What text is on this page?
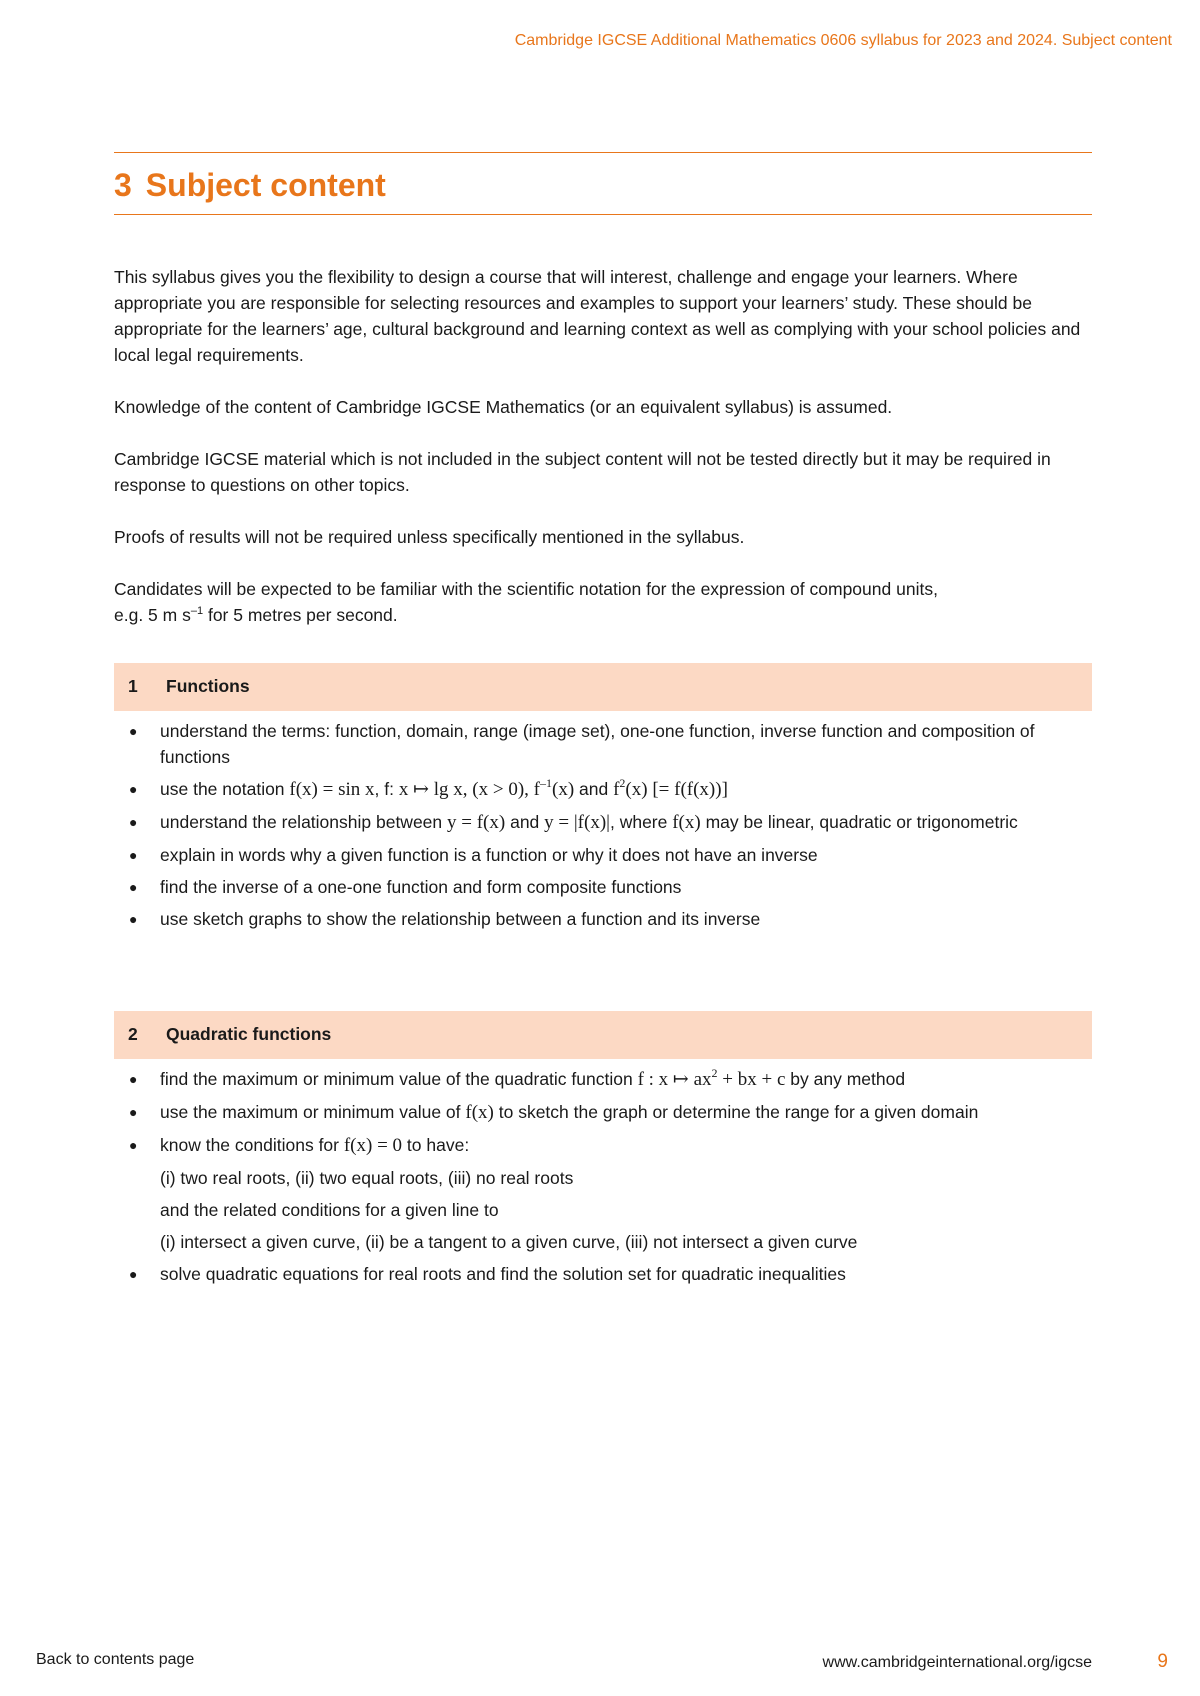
Cambridge IGCSE Additional Mathematics 0606 syllabus for 2023 and 2024. Subject content
3 Subject content

This syllabus gives you the flexibility to design a course that will interest, challenge and engage your learners. Where appropriate you are responsible for selecting resources and examples to support your learners’ study. These should be appropriate for the learners’ age, cultural background and learning context as well as complying with your school policies and local legal requirements.

Knowledge of the content of Cambridge IGCSE Mathematics (or an equivalent syllabus) is assumed.

Cambridge IGCSE material which is not included in the subject content will not be tested directly but it may be required in response to questions on other topics.

Proofs of results will not be required unless specifically mentioned in the syllabus.

Candidates will be expected to be familiar with the scientific notation for the expression of compound units,
e.g. 5 m $s^{-1}$ for 5 metres per second.

1 Functions
● understand the terms: function, domain, range (image set), one-one function, inverse function and composition of functions
● use the notation f(x) = sin x, f: x ↦ lg x, (x > 0), $f^{-1}(x)$ and $f^2(x)$ [= f(f(x))]
● understand the relationship between y = f(x) and y = |f(x)|, where f(x) may be linear, quadratic or trigonometric
● explain in words why a given function is a function or why it does not have an inverse
● find the inverse of a one-one function and form composite functions
● use sketch graphs to show the relationship between a function and its inverse
2 Quadratic functions
● find the maximum or minimum value of the quadratic function f : x ↦ $ax^2$ + bx + c by any method
● use the maximum or minimum value of f(x) to sketch the graph or determine the range for a given domain
● know the conditions for f(x) = 0 to have:
(i) two real roots, (ii) two equal roots, (iii) no real roots
and the related conditions for a given line to
(i) intersect a given curve, (ii) be a tangent to a given curve, (iii) not intersect a given curve
● solve quadratic equations for real roots and find the solution set for quadratic inequalities
Back to contents page	www.cambridgeinternational.org/igcse	9
